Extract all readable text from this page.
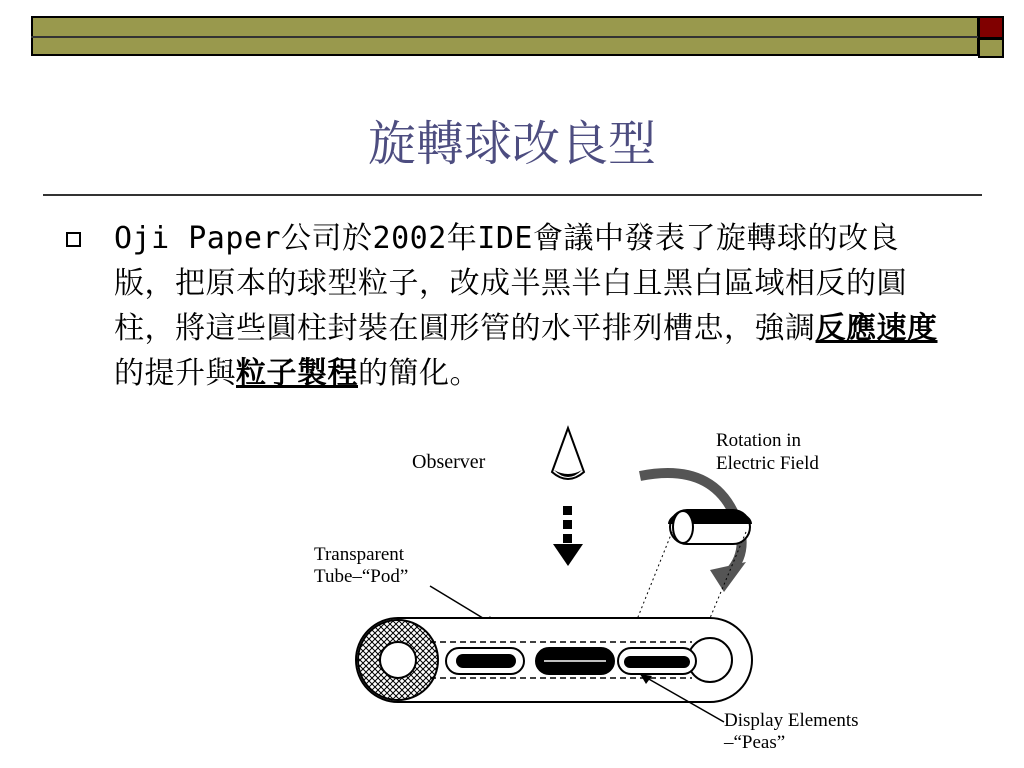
旋轉球改良型

Oji Paper公司於2002年IDE會議中發表了旋轉球的改良版，把原本的球型粒子，改成半黑半白且黑白區域相反的圓柱，將這些圓柱封裝在圓形管的水平排列槽忠，強調反應速度的提升與粒子製程的簡化。

Observer
Rotation in
Electric Field
Transparent
Tube–“Pod”
Display Elements
–“Peas”
